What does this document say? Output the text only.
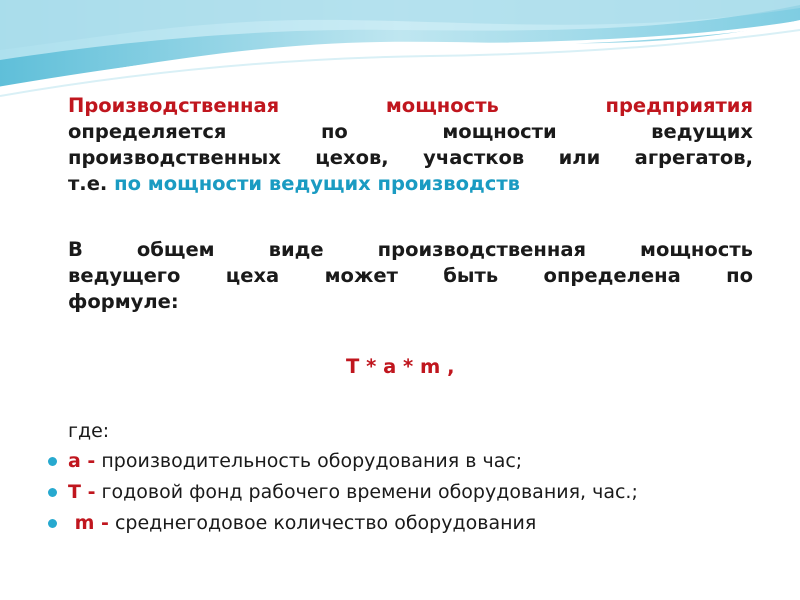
Производственная мощность предприятия
определяется по мощности ведущих
производственных цехов, участков или агрегатов,
т.е. по мощности ведущих производств
В общем виде производственная мощность
ведущего цеха может быть определена по
формуле:
Т * а * m ,
где:
а - производительность оборудования в час;
Т - годовой фонд рабочего времени оборудования, час.;
m - среднегодовое количество оборудования
